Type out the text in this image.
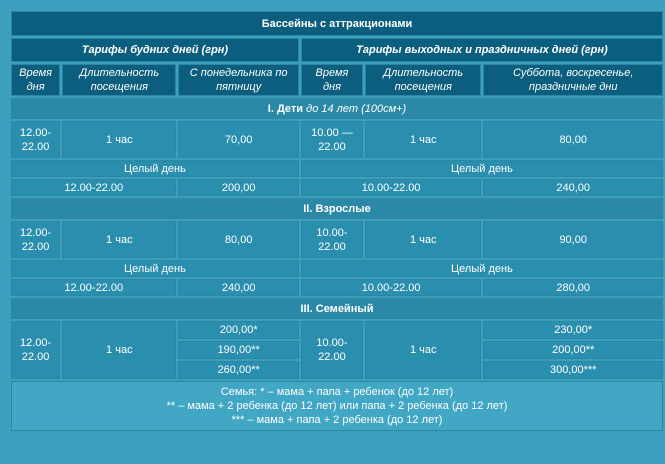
Бассейны с аттракционами					
Тарифы будних дней (грн)			Тарифы выходных и праздничных дней (грн)		
Время дня	Длительность посещения	С понедельника по пятницу	Время дня	Длительность посещения	Суббота, воскресенье, праздничные дни
I. Дети до 14 лет (100см+)					
12.00-22.00	1 час	70,00	10.00 — 22.00	1 час	80,00
Целый день			Целый день		
12.00-22.00		200,00	10.00-22.00		240,00
II. Взрослые					
12.00-22.00	1 час	80,00	10.00-22.00	1 час	90,00
Целый день			Целый день		
12.00-22.00		240,00	10.00-22.00		280,00
III. Семейный					
12.00-22.00	1 час	200,00*	10.00-22.00	1 час	230,00*
		190,00**			200,00**
		260,00**			300,00***

Семья: * – мама + папа + ребенок (до 12 лет)
** – мама + 2 ребенка (до 12 лет) или папа + 2 ребенка (до 12 лет)
*** – мама + папа + 2 ребенка (до 12 лет)					
